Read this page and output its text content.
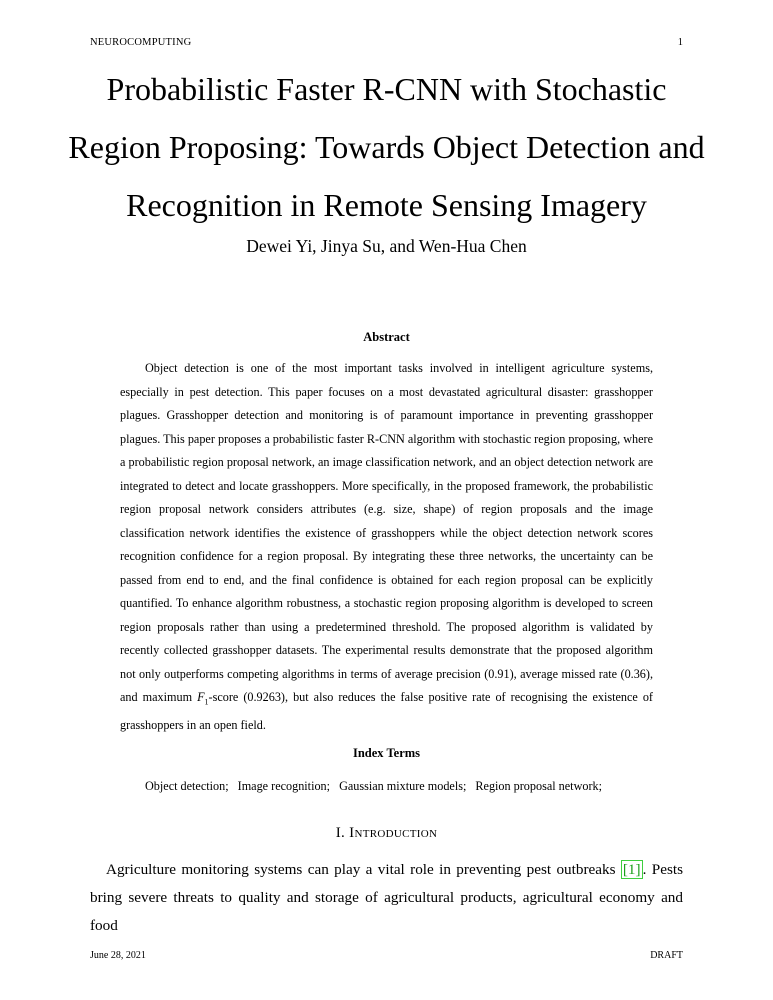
NEUROCOMPUTING	1
Probabilistic Faster R-CNN with Stochastic Region Proposing: Towards Object Detection and Recognition in Remote Sensing Imagery
Dewei Yi, Jinya Su, and Wen-Hua Chen
Abstract

Object detection is one of the most important tasks involved in intelligent agriculture systems, especially in pest detection. This paper focuses on a most devastated agricultural disaster: grasshopper plagues. Grasshopper detection and monitoring is of paramount importance in preventing grasshopper plagues. This paper proposes a probabilistic faster R-CNN algorithm with stochastic region proposing, where a probabilistic region proposal network, an image classification network, and an object detection network are integrated to detect and locate grasshoppers. More specifically, in the proposed framework, the probabilistic region proposal network considers attributes (e.g. size, shape) of region proposals and the image classification network identifies the existence of grasshoppers while the object detection network scores recognition confidence for a region proposal. By integrating these three networks, the uncertainty can be passed from end to end, and the final confidence is obtained for each region proposal can be explicitly quantified. To enhance algorithm robustness, a stochastic region proposing algorithm is developed to screen region proposals rather than using a predetermined threshold. The proposed algorithm is validated by recently collected grasshopper datasets. The experimental results demonstrate that the proposed algorithm not only outperforms competing algorithms in terms of average precision (0.91), average missed rate (0.36), and maximum $F_1$-score (0.9263), but also reduces the false positive rate of recognising the existence of grasshoppers in an open field.

Index Terms
Object detection; Image recognition; Gaussian mixture models; Region proposal network;
I. Introduction

Agriculture monitoring systems can play a vital role in preventing pest outbreaks [1] . Pests bring severe threats to quality and storage of agricultural products, agricultural economy and food

June 28, 2021	DRAFT
